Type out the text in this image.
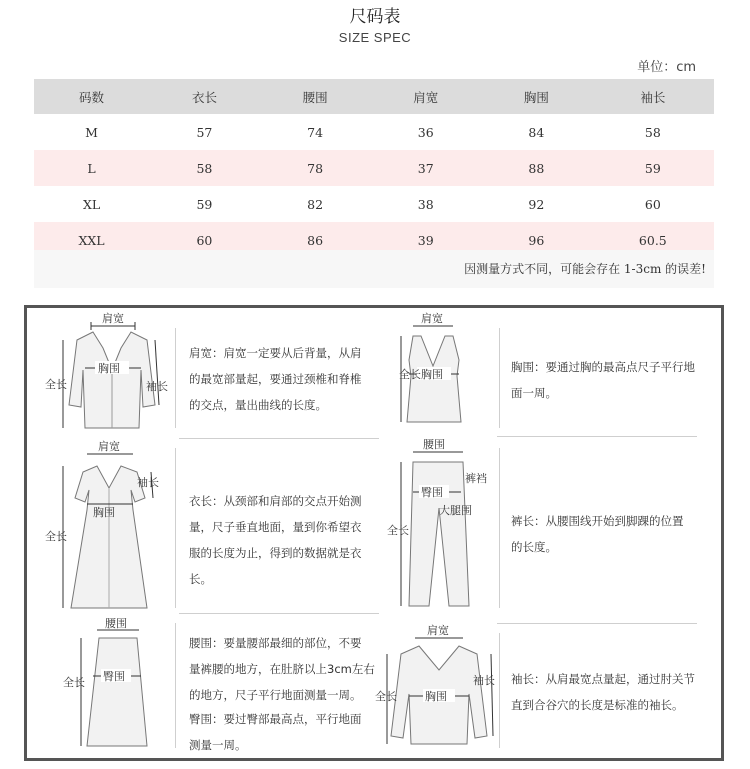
尺码表
SIZE SPEC
单位：cm
码数	衣长	腰围	肩宽	胸围	袖长
M	57	74	36	84	58
L	58	78	37	88	59
XL	59	82	38	92	60
XXL	60	86	39	96	60.5
因测量方式不同，可能会存在 1-3cm 的误差!
肩宽
胸围
全长	袖长
肩宽：肩宽一定要从后背量，从肩
的最宽部量起，要通过颈椎和脊椎
的交点，量出曲线的长度。
肩宽
胸围
全长
胸围：要通过胸的最高点尺子平行地
面一周。
肩宽
胸围
全长
袖长
衣长：从颈部和肩部的交点开始测
量，尺子垂直地面，量到你希望衣
服的长度为止，得到的数据就是衣
长。
腰围
臀围
裤裆
大腿围
全长
裤长：从腰围线开始到脚踝的位置
的长度。
腰围
臀围
全长
腰围：要量腰部最细的部位，不要
量裤腰的地方，在肚脐以上3cm左右
的地方，尺子平行地面测量一周。
臀围：要过臀部最高点，平行地面
测量一周。
肩宽
胸围
全长
袖长 袖长：从肩最宽点量起，通过肘关节
直到合谷穴的长度是标准的袖长。
